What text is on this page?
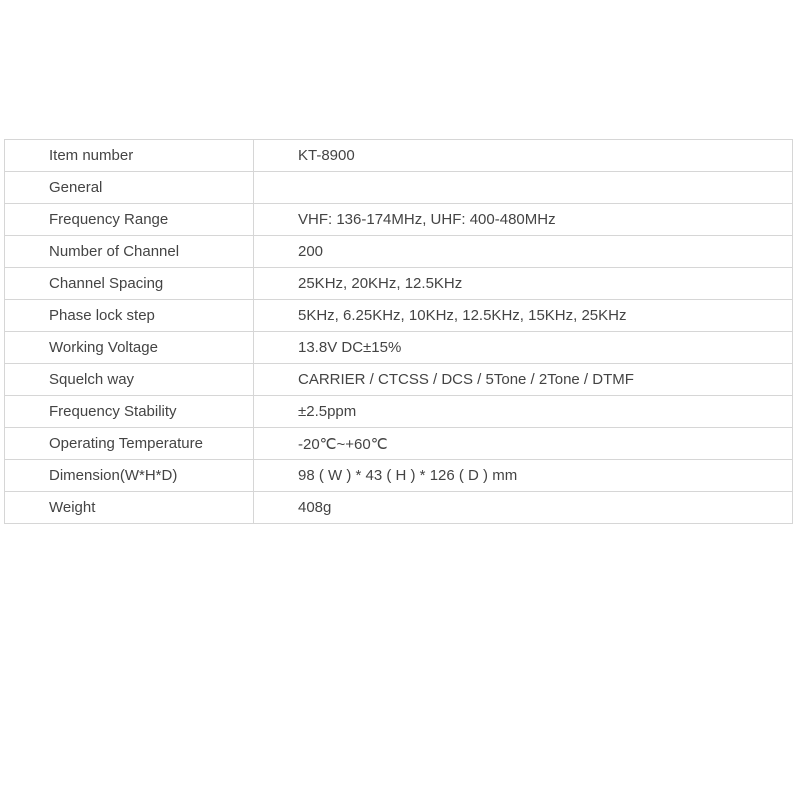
Item number	KT-8900
General	
Frequency Range	VHF: 136-174MHz, UHF: 400-480MHz
Number of Channel	200
Channel Spacing	25KHz, 20KHz, 12.5KHz
Phase lock step	5KHz, 6.25KHz, 10KHz, 12.5KHz, 15KHz, 25KHz
Working Voltage	13.8V DC±15%
Squelch way	CARRIER / CTCSS / DCS / 5Tone / 2Tone / DTMF
Frequency Stability	±2.5ppm
Operating Temperature	-20℃~+60℃
Dimension(W*H*D)	98 ( W ) * 43 ( H ) * 126 ( D ) mm
Weight	408g
